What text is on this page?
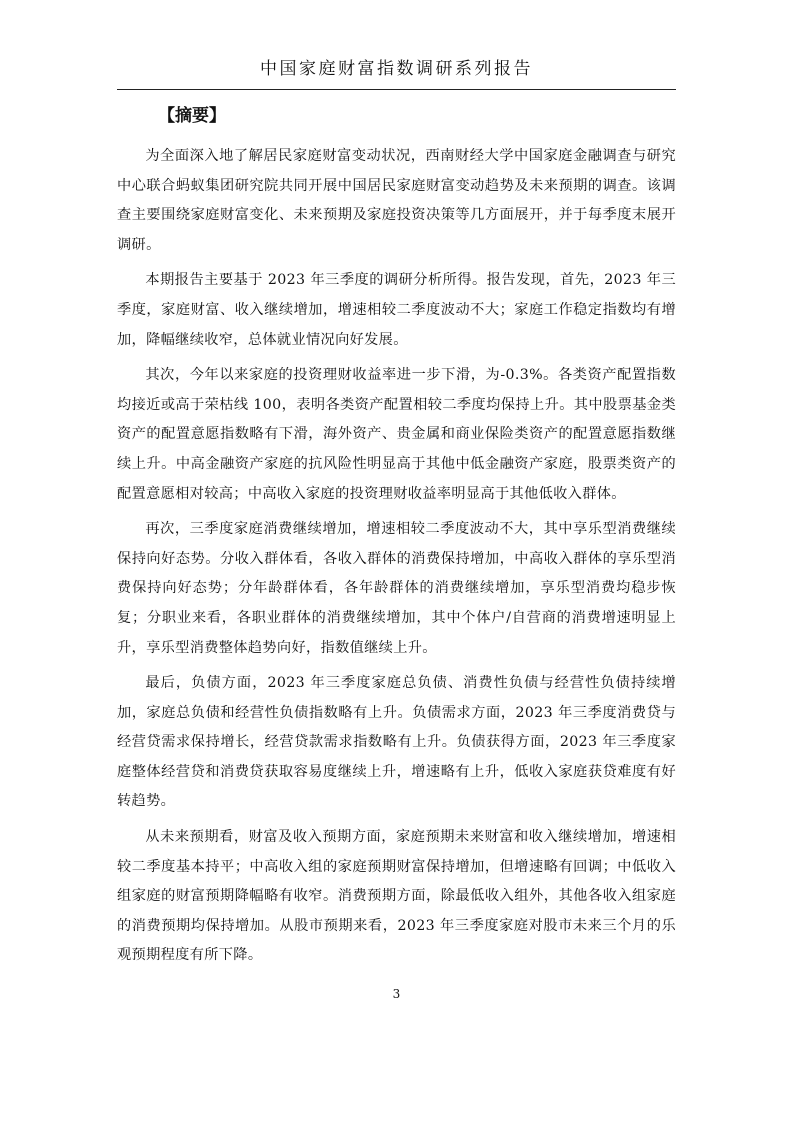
中国家庭财富指数调研系列报告
【摘要】

为全面深入地了解居民家庭财富变动状况，西南财经大学中国家庭金融调查与研究中心联合蚂蚁集团研究院共同开展中国居民家庭财富变动趋势及未来预期的调查。该调查主要围绕家庭财富变化、未来预期及家庭投资决策等几方面展开，并于每季度末展开调研。

本期报告主要基于 2023 年三季度的调研分析所得。报告发现，首先，2023 年三季度，家庭财富、收入继续增加，增速相较二季度波动不大；家庭工作稳定指数均有增加，降幅继续收窄，总体就业情况向好发展。

其次，今年以来家庭的投资理财收益率进一步下滑，为-0.3%。各类资产配置指数均接近或高于荣枯线 100，表明各类资产配置相较二季度均保持上升。其中股票基金类资产的配置意愿指数略有下滑，海外资产、贵金属和商业保险类资产的配置意愿指数继续上升。中高金融资产家庭的抗风险性明显高于其他中低金融资产家庭，股票类资产的配置意愿相对较高；中高收入家庭的投资理财收益率明显高于其他低收入群体。

再次，三季度家庭消费继续增加，增速相较二季度波动不大，其中享乐型消费继续保持向好态势。分收入群体看，各收入群体的消费保持增加，中高收入群体的享乐型消费保持向好态势；分年龄群体看，各年龄群体的消费继续增加，享乐型消费均稳步恢复；分职业来看，各职业群体的消费继续增加，其中个体户/自营商的消费增速明显上升，享乐型消费整体趋势向好，指数值继续上升。

最后，负债方面，2023 年三季度家庭总负债、消费性负债与经营性负债持续增加，家庭总负债和经营性负债指数略有上升。负债需求方面，2023 年三季度消费贷与经营贷需求保持增长，经营贷款需求指数略有上升。负债获得方面，2023 年三季度家庭整体经营贷和消费贷获取容易度继续上升，增速略有上升，低收入家庭获贷难度有好转趋势。

从未来预期看，财富及收入预期方面，家庭预期未来财富和收入继续增加，增速相较二季度基本持平；中高收入组的家庭预期财富保持增加，但增速略有回调；中低收入组家庭的财富预期降幅略有收窄。消费预期方面，除最低收入组外，其他各收入组家庭的消费预期均保持增加。从股市预期来看，2023 年三季度家庭对股市未来三个月的乐观预期程度有所下降。

3
